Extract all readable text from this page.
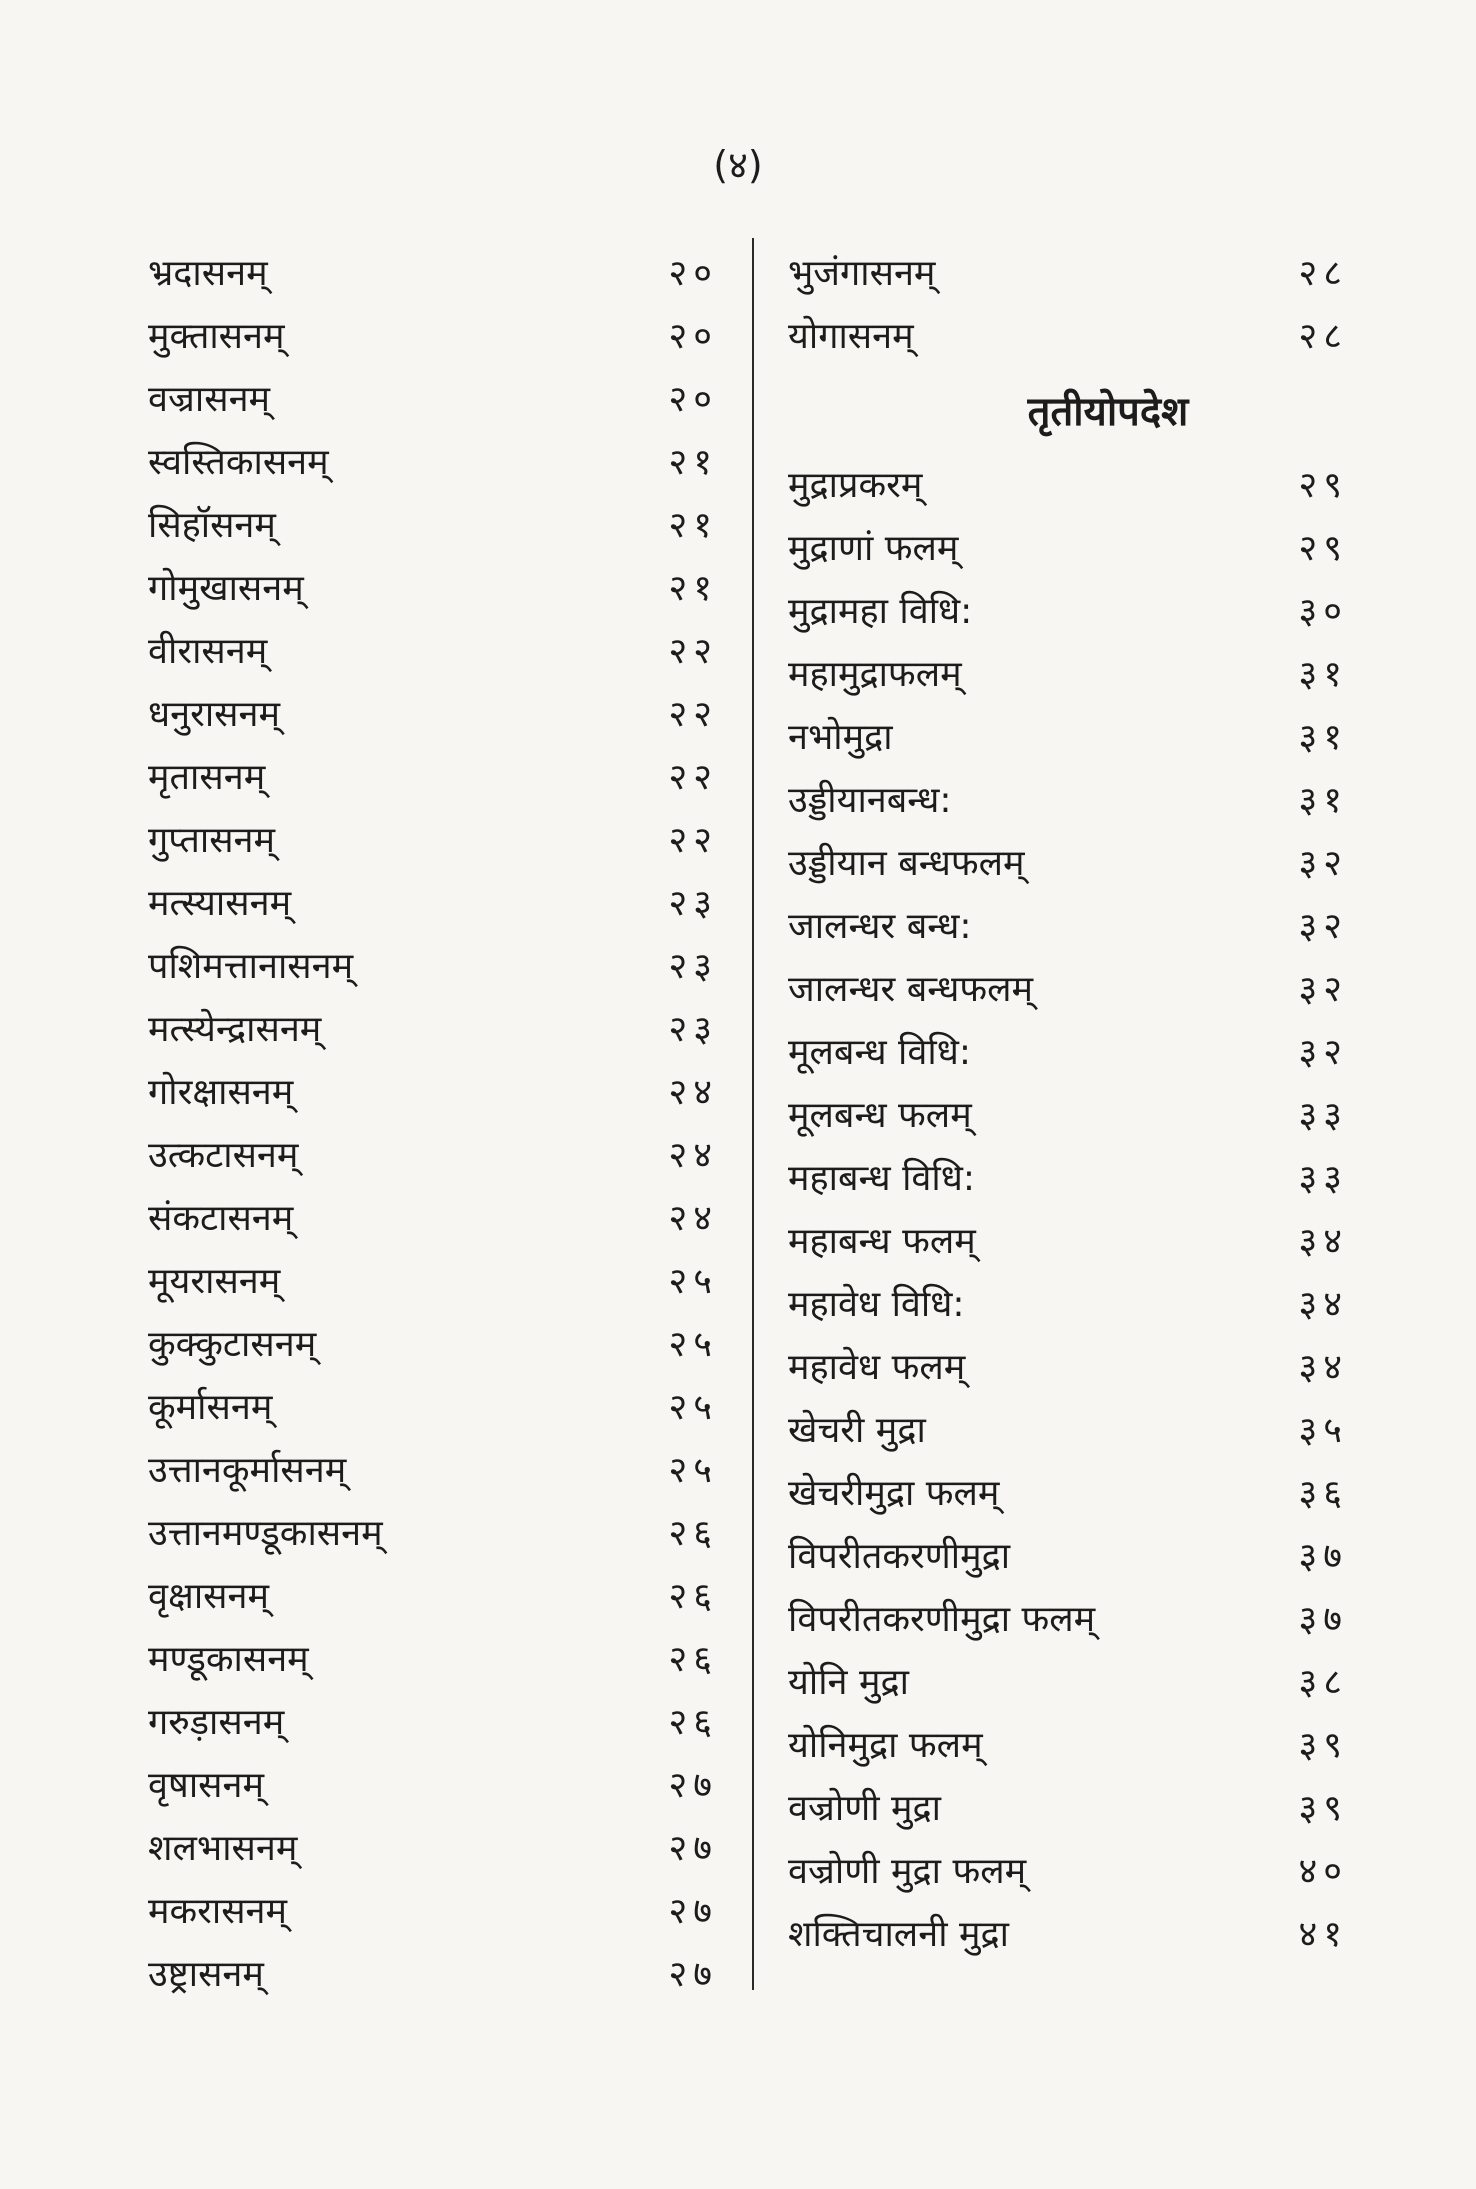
(४)
भ्रदासनम्	२०
मुक्तासनम्	२०
वज्रासनम्	२०
स्वस्तिकासनम्	२१
सिहॉसनम्	२१
गोमुखासनम्	२१
वीरासनम्	२२
धनुरासनम्	२२
मृतासनम्	२२
गुप्तासनम्	२२
मत्स्यासनम्	२३
पशिमत्तानासनम्	२३
मत्स्येन्द्रासनम्	२३
गोरक्षासनम्	२४
उत्कटासनम्	२४
संकटासनम्	२४
मूयरासनम्	२५
कुक्कुटासनम्	२५
कूर्मासनम्	२५
उत्तानकूर्मासनम्	२५
उत्तानमण्डूकासनम्	२६
वृक्षासनम्	२६
मण्डूकासनम्	२६
गरुड़ासनम्	२६
वृषासनम्	२७
शलभासनम्	२७
मकरासनम्	२७
उष्ट्रासनम्	२७
भुजंगासनम्	२८
योगासनम्	२८
तृतीयोपदेश
मुद्राप्रकरम्	२९
मुद्राणां फलम्	२९
मुद्रामहा विधि:	३०
महामुद्राफलम्	३१
नभोमुद्रा	३१
उड्डीयानबन्ध:	३१
उड्डीयान बन्धफलम्	३२
जालन्धर बन्ध:	३२
जालन्धर बन्धफलम्	३२
मूलबन्ध विधि:	३२
मूलबन्ध फलम्	३३
महाबन्ध विधि:	३३
महाबन्ध फलम्	३४
महावेध विधि:	३४
महावेध फलम्	३४
खेचरी मुद्रा	३५
खेचरीमुद्रा फलम्	३६
विपरीतकरणीमुद्रा	३७
विपरीतकरणीमुद्रा फलम्	३७
योनि मुद्रा	३८
योनिमुद्रा फलम्	३९
वज्रोणी मुद्रा	३९
वज्रोणी मुद्रा फलम्	४०
शक्तिचालनी मुद्रा	४१
